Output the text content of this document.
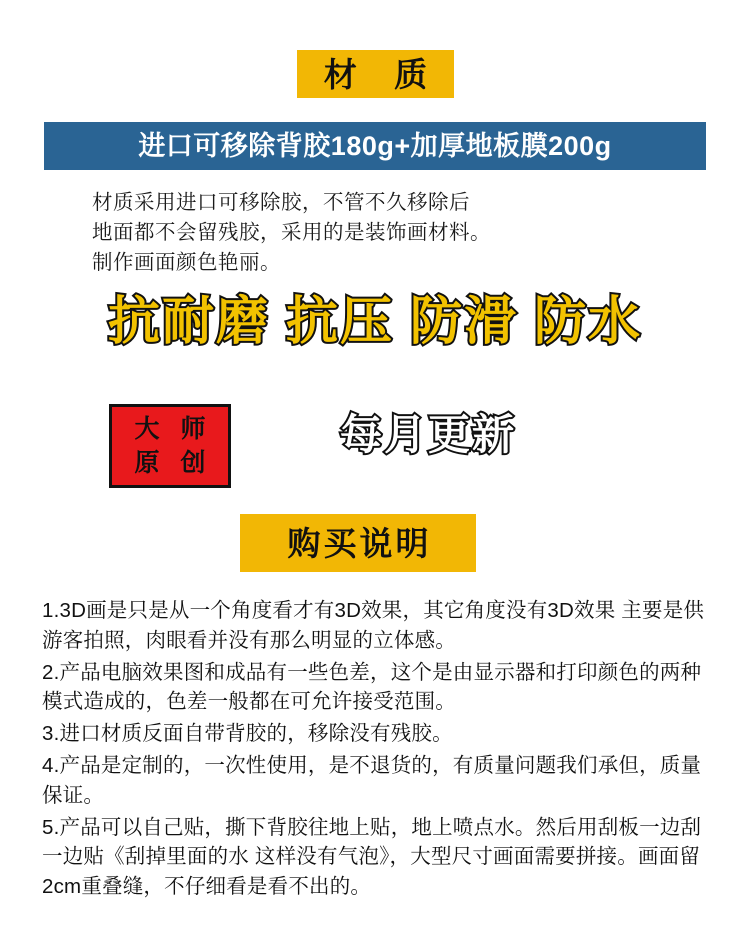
材 质
进口可移除背胶180g+加厚地板膜200g
材质采用进口可移除胶，不管不久移除后
地面都不会留残胶，采用的是装饰画材料。
制作画面颜色艳丽。
抗耐磨 抗压 防滑 防水
大 师
原 创
每月更新
购买说明
1.3D画是只是从一个角度看才有3D效果，其它角度没有3D效果 主要是供游客拍照，肉眼看并没有那么明显的立体感。
2.产品电脑效果图和成品有一些色差，这个是由显示器和打印颜色的两种模式造成的，色差一般都在可允许接受范围。
3.进口材质反面自带背胶的，移除没有残胶。
4.产品是定制的，一次性使用，是不退货的，有质量问题我们承但，质量保证。
5.产品可以自己贴，撕下背胶往地上贴，地上喷点水。然后用刮板一边刮一边贴《刮掉里面的水 这样没有气泡》，大型尺寸画面需要拼接。画面留2cm重叠缝，不仔细看是看不出的。
